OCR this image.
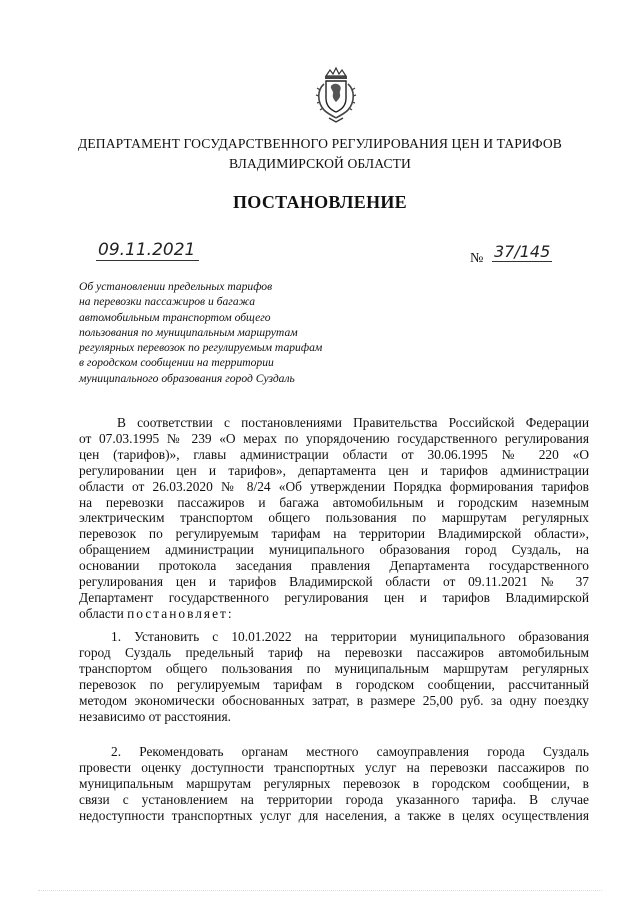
ДЕПАРТАМЕНТ ГОСУДАРСТВЕННОГО РЕГУЛИРОВАНИЯ ЦЕН И ТАРИФОВ
ВЛАДИМИРСКОЙ ОБЛАСТИ
ПОСТАНОВЛЕНИЕ
09.11.2021	№ 37/145
Об установлении предельных тарифов
на перевозки пассажиров и багажа
автомобильным транспортом общего
пользования по муниципальным маршрутам
регулярных перевозок по регулируемым тарифам
в городском сообщении на территории
муниципального образования город Суздаль
В соответствии с постановлениями Правительства Российской Федерации
от 07.03.1995 № 239 «О мерах по упорядочению государственного регулирования
цен (тарифов)», главы администрации области от 30.06.1995 № 220 «О
регулировании цен и тарифов», департамента цен и тарифов администрации
области от 26.03.2020 № 8/24 «Об утверждении Порядка формирования тарифов
на перевозки пассажиров и багажа автомобильным и городским наземным
электрическим транспортом общего пользования по маршрутам регулярных
перевозок по регулируемым тарифам на территории Владимирской области»,
обращением администрации муниципального образования город Суздаль, на
основании протокола заседания правления Департамента государственного
регулирования цен и тарифов Владимирской области от 09.11.2021 № 37
Департамент государственного регулирования цен и тарифов Владимирской
области постановляет:
1. Установить с 10.01.2022 на территории муниципального образования
город Суздаль предельный тариф на перевозки пассажиров автомобильным
транспортом общего пользования по муниципальным маршрутам регулярных
перевозок по регулируемым тарифам в городском сообщении, рассчитанный
методом экономически обоснованных затрат, в размере 25,00 руб. за одну поездку
независимо от расстояния.
2. Рекомендовать органам местного самоуправления города Суздаль
провести оценку доступности транспортных услуг на перевозки пассажиров по
муниципальным маршрутам регулярных перевозок в городском сообщении, в
связи с установлением на территории города указанного тарифа. В случае
недоступности транспортных услуг для населения, а также в целях осуществления
